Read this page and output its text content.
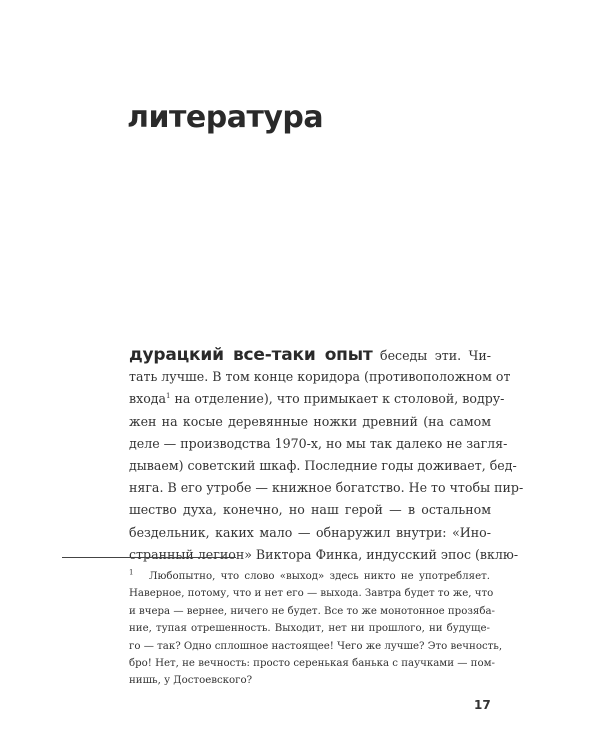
литература
дурацкий все-таки опыт беседы эти. Чи-
тать лучше. В том конце коридора (противоположном от
входа$^1$ на отделение), что примыкает к столовой, водру-
жен на косые деревянные ножки древний (на самом
деле — производства 1970-х, но мы так далеко не загля-
дываем) советский шкаф. Последние годы доживает, бед-
няга. В его утробе — книжное богатство. Не то чтобы пир-
шество духа, конечно, но наш герой — в остальном
бездельник, каких мало — обнаружил внутри: «Ино-
странный легион» Виктора Финка, индусский эпос (вклю-
$^1$ Любопытно, что слово «выход» здесь никто не употребляет.
Наверное, потому, что и нет его — выхода. Завтра будет то же, что
и вчера — вернее, ничего не будет. Все то же монотонное прозяба-
ние, тупая отрешенность. Выходит, нет ни прошлого, ни будуще-
го — так? Одно сплошное настоящее! Чего же лучше? Это вечность,
бро! Нет, не вечность: просто серенькая банька с паучками — пом-
нишь, у Достоевского?
17
